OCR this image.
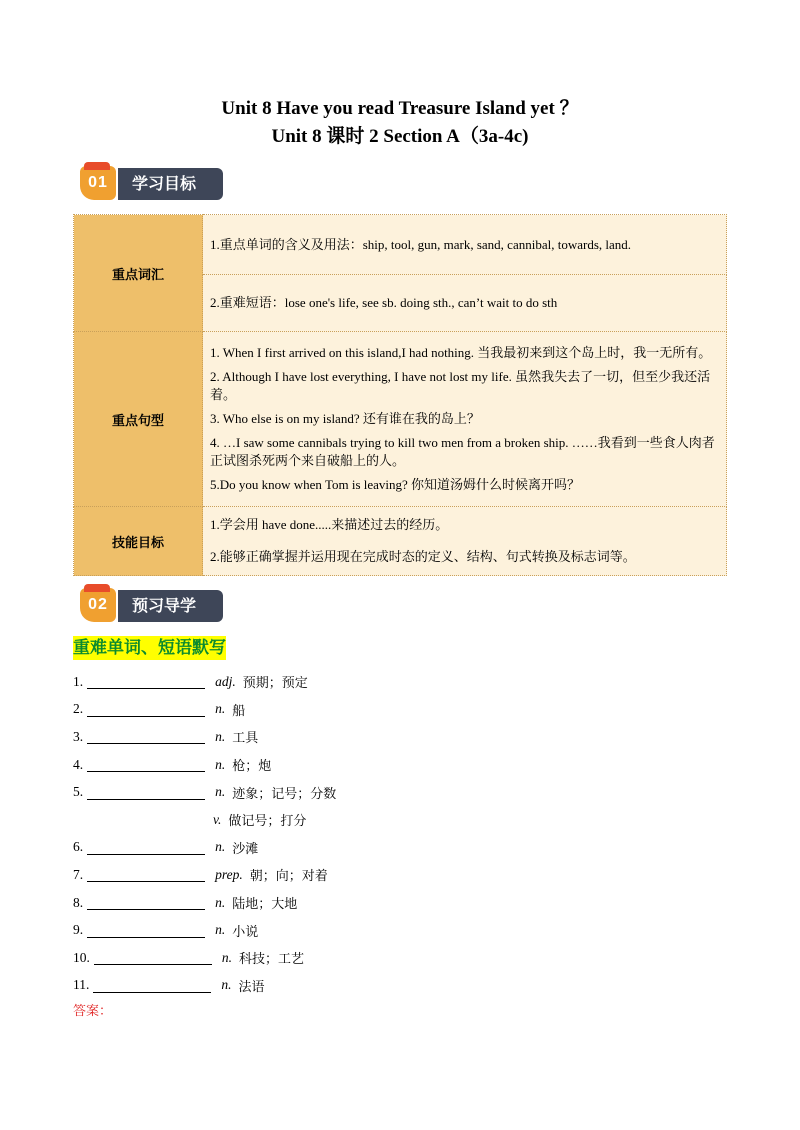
Unit 8 Have you read Treasure Island yet ？
Unit 8 课时 2 Section A（3a-4c)
01	学习目标
重点词汇	1.重点单词的含义及用法：ship, tool, gun, mark, sand, cannibal, towards, land.
	2.重难短语：lose one's life, see sb. doing sth., can’t wait to do sth
重点句型	1. When I first arrived on this island,I had nothing. 当我最初来到这个岛上时，我一无所有。

2. Although I have lost everything, I have not lost my life. 虽然我失去了一切，但至少我还活着。

3. Who else is on my island? 还有谁在我的岛上？

4. …I saw some cannibals trying to kill two men from a broken ship. ……我看到一些食人肉者正试图杀死两个来自破船上的人。

5.Do you know when Tom is leaving? 你知道汤姆什么时候离开吗？

技能目标	1.学会用 have done.....来描述过去的经历。

2.能够正确掌握并运用现在完成时态的定义、结构、句式转换及标志词等。

02	预习导学
重难单词、短语默写
1.	adj. 预期；预定
2.	n. 船
3.	n. 工具
4.	n. 枪；炮
5.	n. 迹象；记号；分数
v. 做记号；打分
6.	n. 沙滩
7.	prep. 朝；向；对着
8.	n. 陆地；大地
9.	n. 小说
10.	n. 科技；工艺
11.	n. 法语
答案：
